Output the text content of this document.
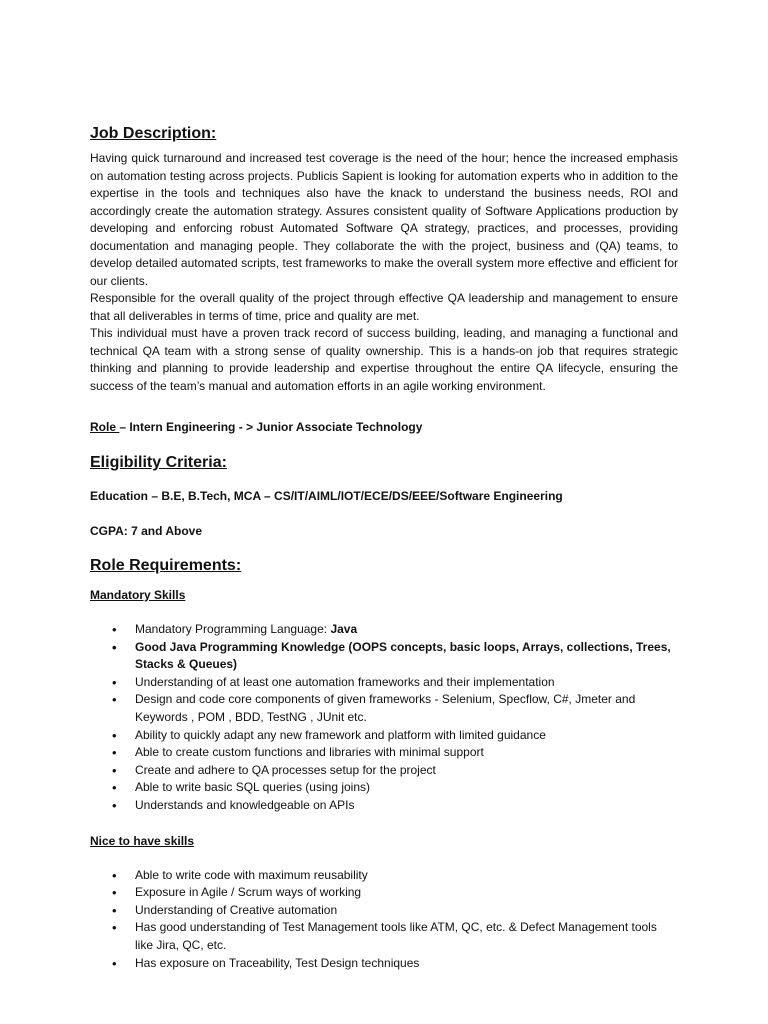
Job Description:

Having quick turnaround and increased test coverage is the need of the hour; hence the increased emphasis on automation testing across projects. Publicis Sapient is looking for automation experts who in addition to the expertise in the tools and techniques also have the knack to understand the business needs, ROI and accordingly create the automation strategy. Assures consistent quality of Software Applications production by developing and enforcing robust Automated Software QA strategy, practices, and processes, providing documentation and managing people. They collaborate the with the project, business and (QA) teams, to develop detailed automated scripts, test frameworks to make the overall system more effective and efficient for our clients.

Responsible for the overall quality of the project through effective QA leadership and management to ensure that all deliverables in terms of time, price and quality are met.

This individual must have a proven track record of success building, leading, and managing a functional and technical QA team with a strong sense of quality ownership. This is a hands-on job that requires strategic thinking and planning to provide leadership and expertise throughout the entire QA lifecycle, ensuring the success of the team’s manual and automation efforts in an agile working environment.

Role – Intern Engineering - > Junior Associate Technology

Eligibility Criteria:

Education – B.E, B.Tech, MCA – CS/IT/AIML/IOT/ECE/DS/EEE/Software Engineering

CGPA: 7 and Above

Role Requirements:

Mandatory Skills

• Mandatory Programming Language: Java
• Good Java Programming Knowledge (OOPS concepts, basic loops, Arrays, collections, Trees, Stacks & Queues)
• Understanding of at least one automation frameworks and their implementation
• Design and code core components of given frameworks - Selenium, Specflow, C#, Jmeter and Keywords , POM , BDD, TestNG , JUnit etc.
• Ability to quickly adapt any new framework and platform with limited guidance
• Able to create custom functions and libraries with minimal support
• Create and adhere to QA processes setup for the project
• Able to write basic SQL queries (using joins)
• Understands and knowledgeable on APIs

Nice to have skills

• Able to write code with maximum reusability
• Exposure in Agile / Scrum ways of working
• Understanding of Creative automation
• Has good understanding of Test Management tools like ATM, QC, etc. & Defect Management tools like Jira, QC, etc.
• Has exposure on Traceability, Test Design techniques
